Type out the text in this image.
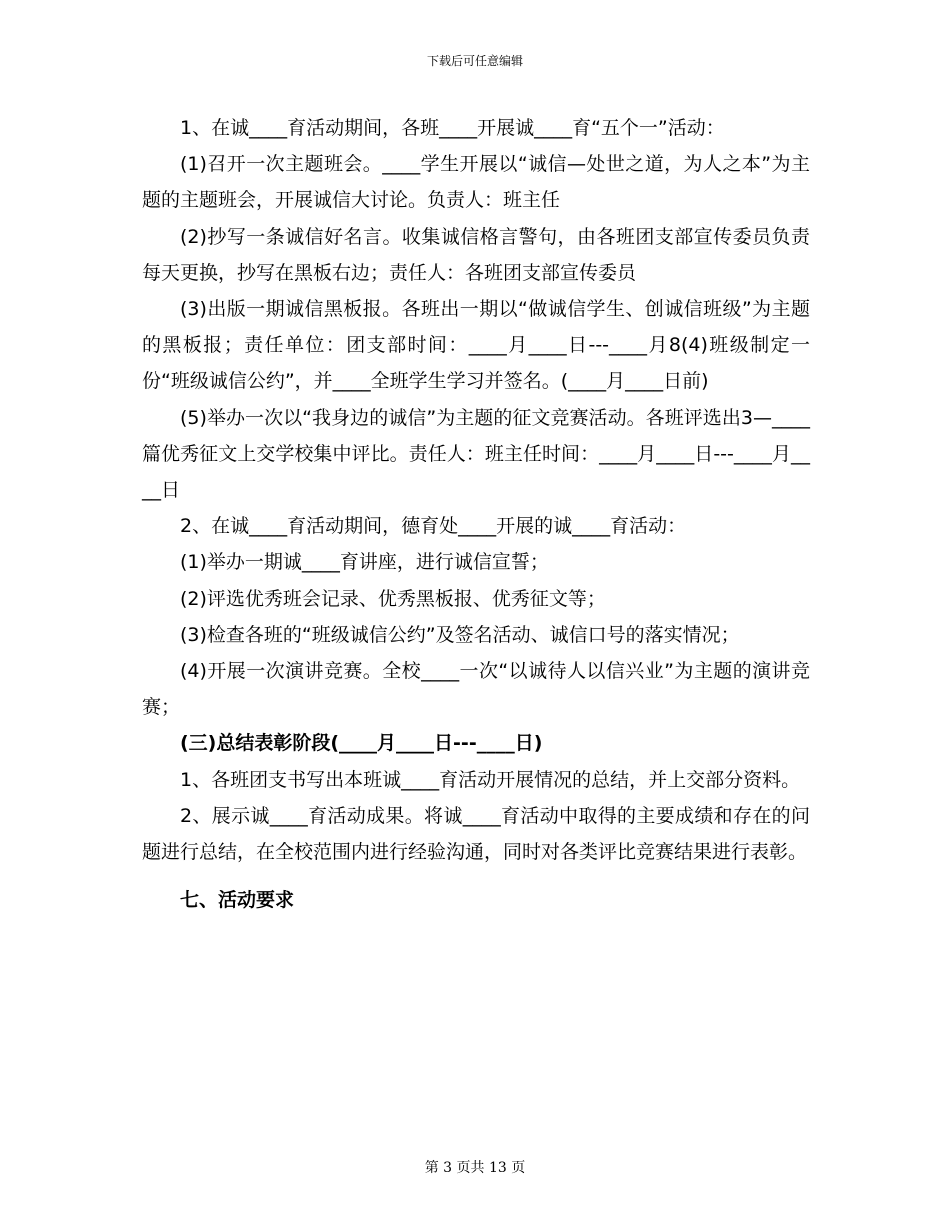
下载后可任意编辑

1、在诚____育活动期间，各班____开展诚____育“五个一”活动：

(1)召开一次主题班会。____学生开展以“诚信—处世之道，为人之本”为主题的主题班会，开展诚信大讨论。负责人：班主任

(2)抄写一条诚信好名言。收集诚信格言警句，由各班团支部宣传委员负责每天更换，抄写在黑板右边；责任人：各班团支部宣传委员

(3)出版一期诚信黑板报。各班出一期以“做诚信学生、创诚信班级”为主题的黑板报；责任单位：团支部时间：____月____日---____月8(4)班级制定一份“班级诚信公约”，并____全班学生学习并签名。(____月____日前)

(5)举办一次以“我身边的诚信”为主题的征文竞赛活动。各班评选出3—____篇优秀征文上交学校集中评比。责任人：班主任时间：____月____日---____月____日

2、在诚____育活动期间，德育处____开展的诚____育活动：

(1)举办一期诚____育讲座，进行诚信宣誓；

(2)评选优秀班会记录、优秀黑板报、优秀征文等；

(3)检查各班的“班级诚信公约”及签名活动、诚信口号的落实情况；

(4)开展一次演讲竞赛。全校____一次“以诚待人以信兴业”为主题的演讲竞赛；

(三)总结表彰阶段(____月____日---____日)

1、各班团支书写出本班诚____育活动开展情况的总结，并上交部分资料。

2、展示诚____育活动成果。将诚____育活动中取得的主要成绩和存在的问题进行总结，在全校范围内进行经验沟通，同时对各类评比竞赛结果进行表彰。

七、活动要求

第 3 页共 13 页
